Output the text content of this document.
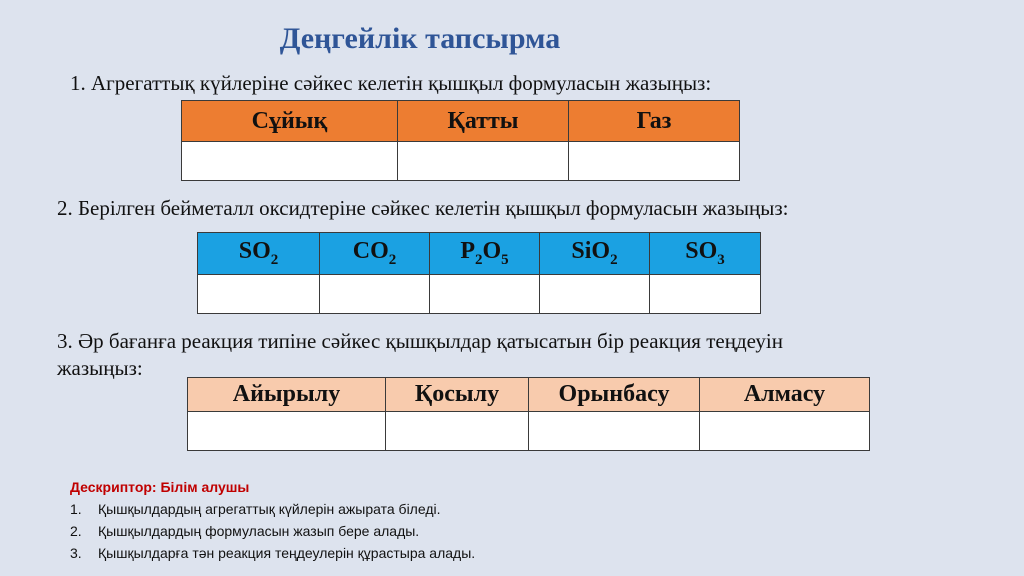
Деңгейлік тапсырма
1. Агрегаттық күйлеріне сәйкес келетін қышқыл формуласын жазыңыз:
Сұйық	Қатты	Газ

2. Берілген бейметалл оксидтеріне сәйкес келетін қышқыл формуласын жазыңыз:
$SO_2$	$CO_2$	$P_2O_5$	SiO$_2$	$SO_3$

3. Әр бағанға реакция типіне сәйкес қышқылдар қатысатын бір реакция теңдеуін
жазыңыз:
Айырылу	Қосылу	Орынбасу	Алмасу

Дескриптор: Білім алушы
1. Қышқылдардың агрегаттық күйлерін ажырата біледі.
2. Қышқылдардың формуласын жазып бере алады.
3. Қышқылдарға тән реакция теңдеулерін құрастыра алады.
